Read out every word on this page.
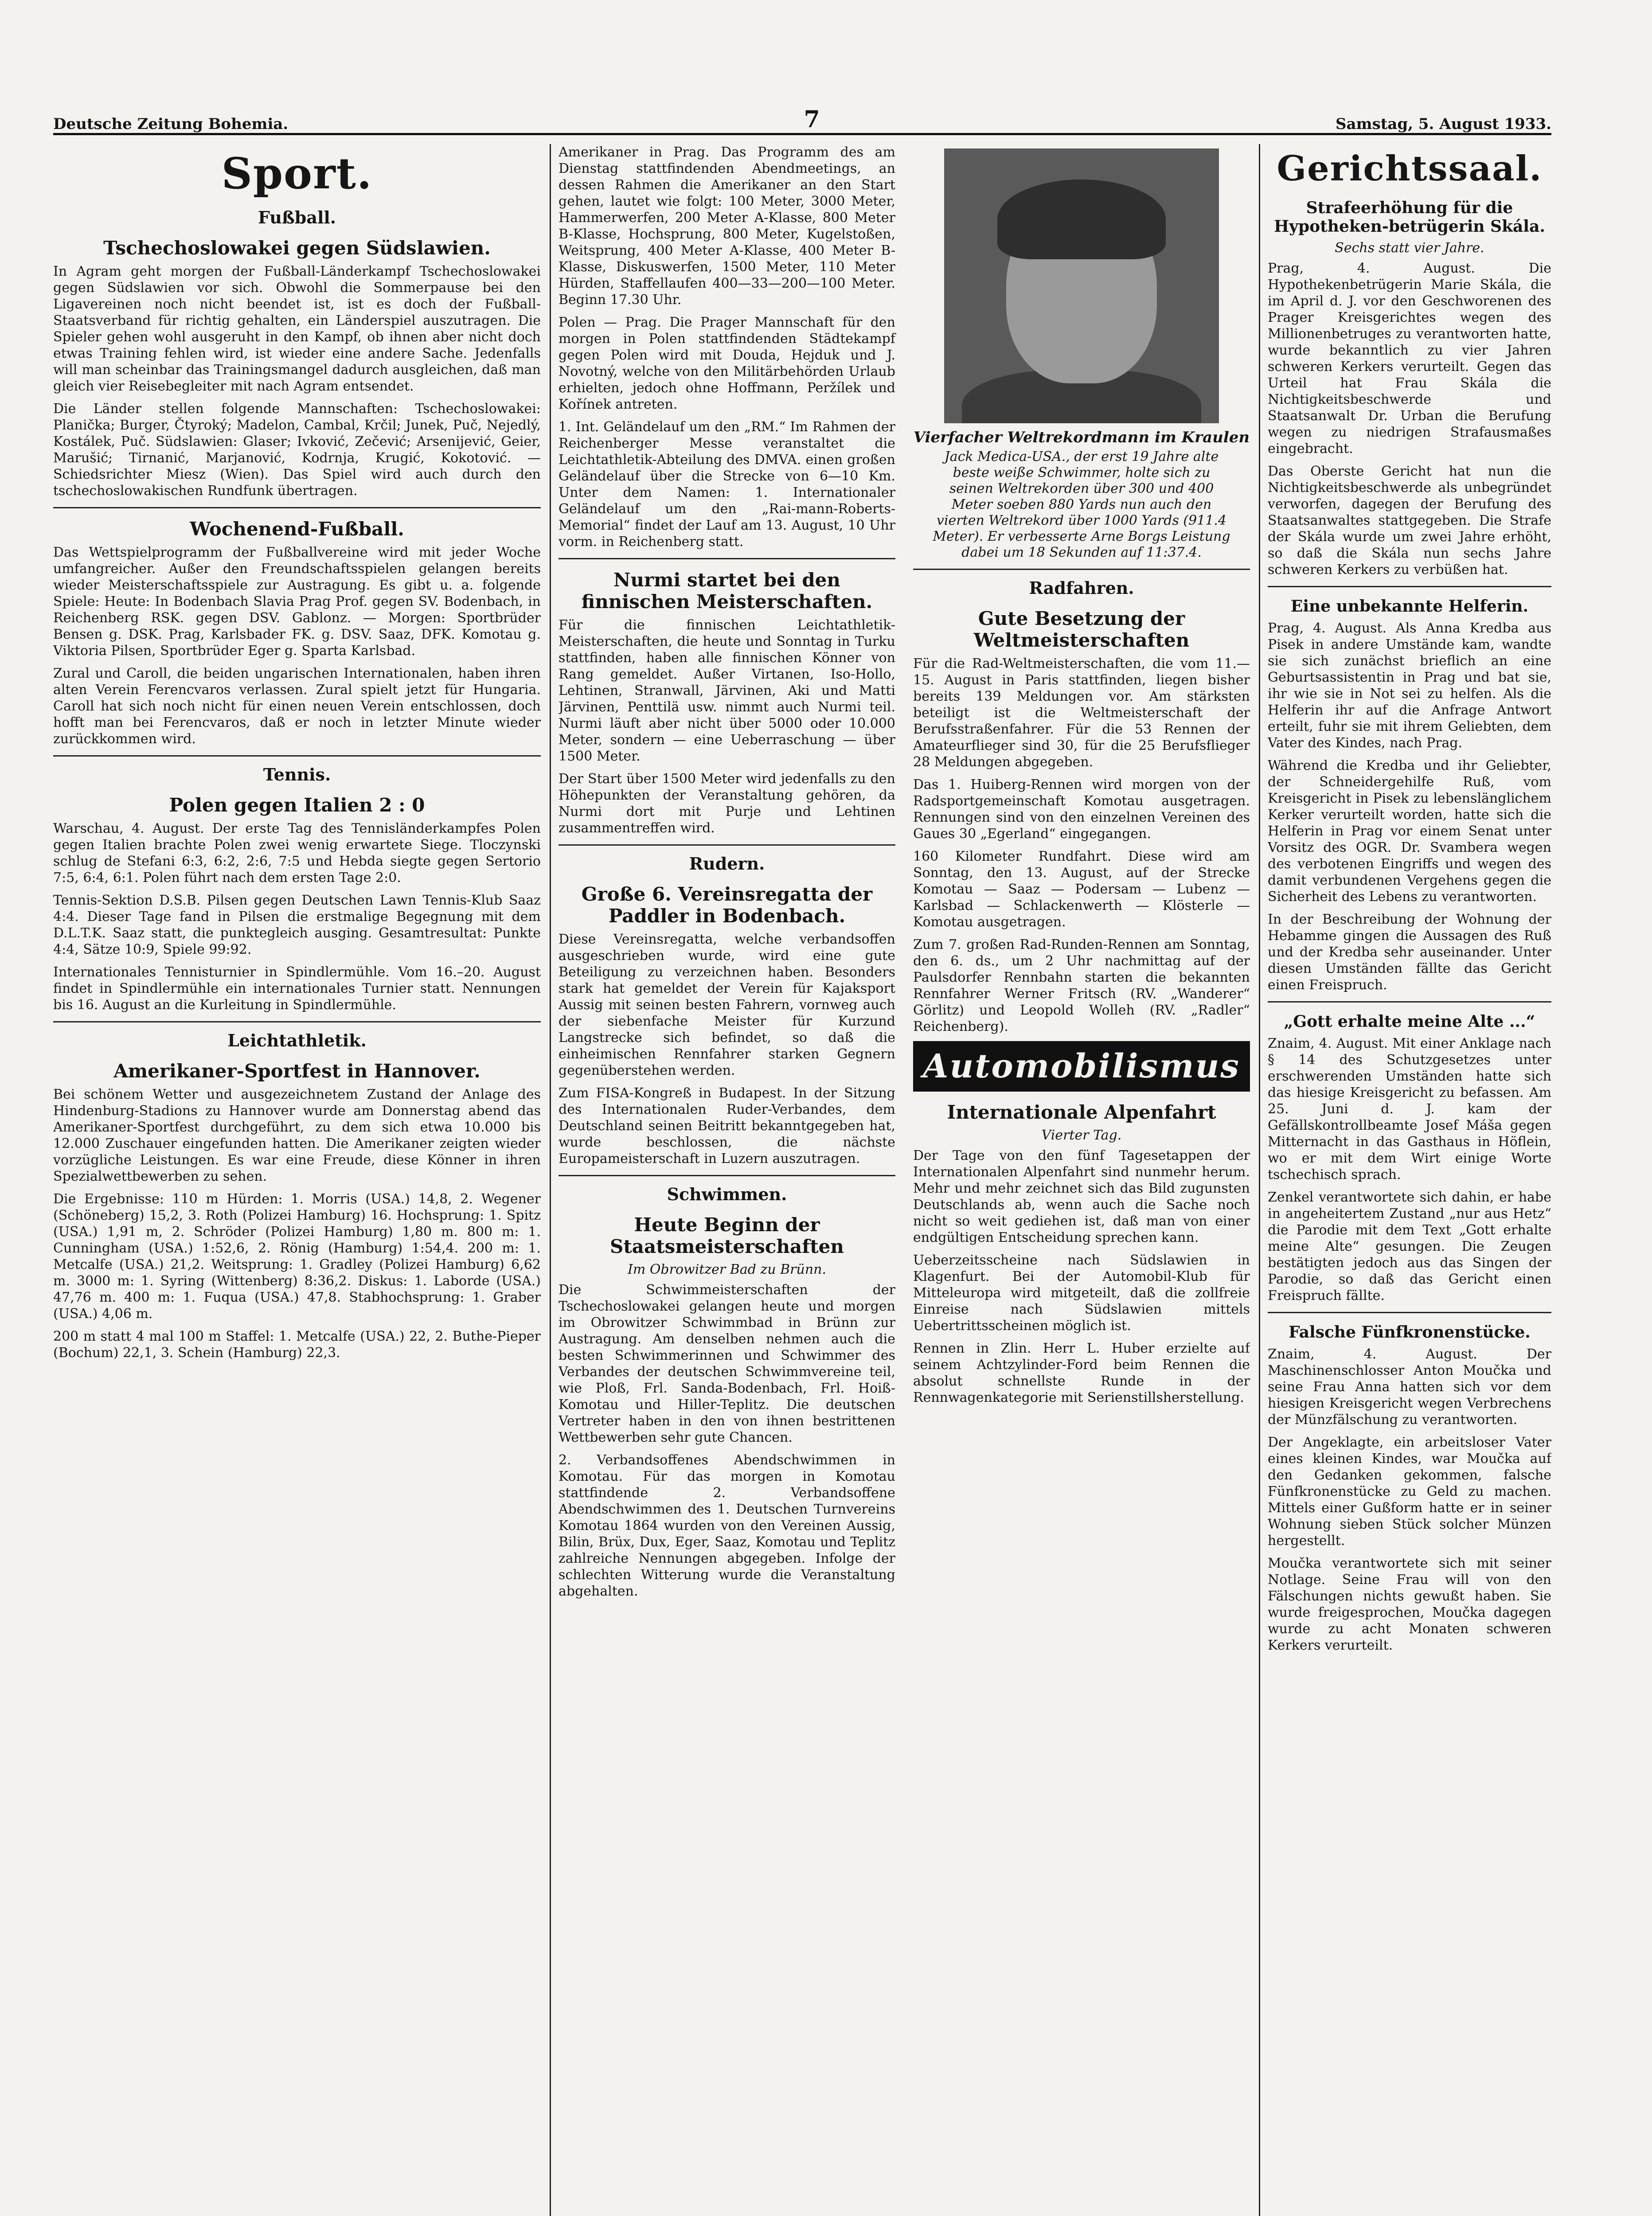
Deutsche Zeitung Bohemia.	7	Samstag, 5. August 1933.
Sport.
Fußball.
Tschechoslowakei gegen Südslawien.

In Agram geht morgen der Fußball-Länderkampf Tschechoslowakei gegen Südslawien vor sich. Obwohl die Sommerpause bei den Ligavereinen noch nicht beendet ist, ist es doch der Fußball-Staatsverband für richtig gehalten, ein Länderspiel auszutragen. Die Spieler gehen wohl ausgeruht in den Kampf, ob ihnen aber nicht doch etwas Training fehlen wird, ist wieder eine andere Sache. Jedenfalls will man scheinbar das Trainingsmangel dadurch ausgleichen, daß man gleich vier Reisebegleiter mit nach Agram entsendet.

Die Länder stellen folgende Mannschaften: Tschechoslowakei: Planička; Burger, Čtyroký; Madelon, Cambal, Krčil; Junek, Puč, Nejedlý, Kostálek, Puč. Südslawien: Glaser; Ivković, Zečević; Arsenijević, Geier, Marušić; Tirnanić, Marjanović, Kodrnja, Krugić, Kokotović. — Schiedsrichter Miesz (Wien). Das Spiel wird auch durch den tschechoslowakischen Rundfunk übertragen.

Wochenend-Fußball.

Das Wettspielprogramm der Fußballvereine wird mit jeder Woche umfangreicher. Außer den Freundschaftsspielen gelangen bereits wieder Meisterschaftsspiele zur Austragung. Es gibt u. a. folgende Spiele: Heute: In Bodenbach Slavia Prag Prof. gegen SV. Bodenbach, in Reichenberg RSK. gegen DSV. Gablonz. — Morgen: Sportbrüder Bensen g. DSK. Prag, Karlsbader FK. g. DSV. Saaz, DFK. Komotau g. Viktoria Pilsen, Sportbrüder Eger g. Sparta Karlsbad.

Zural und Caroll, die beiden ungarischen Internationalen, haben ihren alten Verein Ferencvaros verlassen. Zural spielt jetzt für Hungaria. Caroll hat sich noch nicht für einen neuen Verein entschlossen, doch hofft man bei Ferencvaros, daß er noch in letzter Minute wieder zurückkommen wird.

Tennis.
Polen gegen Italien 2 : 0

Warschau, 4. August. Der erste Tag des Tennisländerkampfes Polen gegen Italien brachte Polen zwei wenig erwartete Siege. Tloczynski schlug de Stefani 6:3, 6:2, 2:6, 7:5 und Hebda siegte gegen Sertorio 7:5, 6:4, 6:1. Polen führt nach dem ersten Tage 2:0.

Tennis-Sektion D.S.B. Pilsen gegen Deutschen Lawn Tennis-Klub Saaz 4:4. Dieser Tage fand in Pilsen die erstmalige Begegnung mit dem D.L.T.K. Saaz statt, die punktegleich ausging. Gesamtresultat: Punkte 4:4, Sätze 10:9, Spiele 99:92.

Internationales Tennisturnier in Spindlermühle. Vom 16.–20. August findet in Spindlermühle ein internationales Turnier statt. Nennungen bis 16. August an die Kurleitung in Spindlermühle.

Leichtathletik.
Amerikaner-Sportfest in Hannover.

Bei schönem Wetter und ausgezeichnetem Zustand der Anlage des Hindenburg-Stadions zu Hannover wurde am Donnerstag abend das Amerikaner-Sportfest durchgeführt, zu dem sich etwa 10.000 bis 12.000 Zuschauer eingefunden hatten. Die Amerikaner zeigten wieder vorzügliche Leistungen. Es war eine Freude, diese Könner in ihren Spezialwettbewerben zu sehen.

Die Ergebnisse: 110 m Hürden: 1. Morris (USA.) 14,8, 2. Wegener (Schöneberg) 15,2, 3. Roth (Polizei Hamburg) 16. Hochsprung: 1. Spitz (USA.) 1,91 m, 2. Schröder (Polizei Hamburg) 1,80 m. 800 m: 1. Cunningham (USA.) 1:52,6, 2. Rönig (Hamburg) 1:54,4. 200 m: 1. Metcalfe (USA.) 21,2. Weitsprung: 1. Gradley (Polizei Hamburg) 6,62 m. 3000 m: 1. Syring (Wittenberg) 8:36,2. Diskus: 1. Laborde (USA.) 47,76 m. 400 m: 1. Fuqua (USA.) 47,8. Stabhochsprung: 1. Graber (USA.) 4,06 m.

200 m statt 4 mal 100 m Staffel: 1. Metcalfe (USA.) 22, 2. Buthe-Pieper (Bochum) 22,1, 3. Schein (Hamburg) 22,3.

Amerikaner in Prag. Das Programm des am Dienstag stattfindenden Abendmeetings, an dessen Rahmen die Amerikaner an den Start gehen, lautet wie folgt: 100 Meter, 3000 Meter, Hammerwerfen, 200 Meter A-Klasse, 800 Meter B-Klasse, Hochsprung, 800 Meter, Kugelstoßen, Weitsprung, 400 Meter A-Klasse, 400 Meter B-Klasse, Diskuswerfen, 1500 Meter, 110 Meter Hürden, Staffellaufen 400—33—200—100 Meter. Beginn 17.30 Uhr.

Polen — Prag. Die Prager Mannschaft für den morgen in Polen stattfindenden Städtekampf gegen Polen wird mit Douda, Hejduk und J. Novotný, welche von den Militärbehörden Urlaub erhielten, jedoch ohne Hoffmann, Peržílek und Kořínek antreten.

1. Int. Geländelauf um den „RM.“ Im Rahmen der Reichenberger Messe veranstaltet die Leichtathletik-Abteilung des DMVA. einen großen Geländelauf über die Strecke von 6—10 Km. Unter dem Namen: 1. Internationaler Geländelauf um den „Rai-mann-Roberts-Memorial“ findet der Lauf am 13. August, 10 Uhr vorm. in Reichenberg statt.

Nurmi startet bei den finnischen Meisterschaften.

Für die finnischen Leichtathletik-Meisterschaften, die heute und Sonntag in Turku stattfinden, haben alle finnischen Könner von Rang gemeldet. Außer Virtanen, Iso-Hollo, Lehtinen, Stranwall, Järvinen, Aki und Matti Järvinen, Penttilä usw. nimmt auch Nurmi teil. Nurmi läuft aber nicht über 5000 oder 10.000 Meter, sondern — eine Ueberraschung — über 1500 Meter.

Der Start über 1500 Meter wird jedenfalls zu den Höhepunkten der Veranstaltung gehören, da Nurmi dort mit Purje und Lehtinen zusammentreffen wird.

Rudern.
Große 6. Vereinsregatta der Paddler in Bodenbach.

Diese Vereinsregatta, welche verbandsoffen ausgeschrieben wurde, wird eine gute Beteiligung zu verzeichnen haben. Besonders stark hat gemeldet der Verein für Kajaksport Aussig mit seinen besten Fahrern, vornweg auch der siebenfache Meister für Kurzund Langstrecke sich befindet, so daß die einheimischen Rennfahrer starken Gegnern gegenüberstehen werden.

Zum FISA-Kongreß in Budapest. In der Sitzung des Internationalen Ruder-Verbandes, dem Deutschland seinen Beitritt bekanntgegeben hat, wurde beschlossen, die nächste Europameisterschaft in Luzern auszutragen.

Schwimmen.
Heute Beginn der Staatsmeisterschaften
Im Obrowitzer Bad zu Brünn.

Die Schwimmeisterschaften der Tschechoslowakei gelangen heute und morgen im Obrowitzer Schwimmbad in Brünn zur Austragung. Am denselben nehmen auch die besten Schwimmerinnen und Schwimmer des Verbandes der deutschen Schwimmvereine teil, wie Ploß, Frl. Sanda-Bodenbach, Frl. Hoiß-Komotau und Hiller-Teplitz. Die deutschen Vertreter haben in den von ihnen bestrittenen Wettbewerben sehr gute Chancen.

2. Verbandsoffenes Abendschwimmen in Komotau. Für das morgen in Komotau stattfindende 2. Verbandsoffene Abendschwimmen des 1. Deutschen Turnvereins Komotau 1864 wurden von den Vereinen Aussig, Bilin, Brüx, Dux, Eger, Saaz, Komotau und Teplitz zahlreiche Nennungen abgegeben. Infolge der schlechten Witterung wurde die Veranstaltung abgehalten.

Vierfacher Weltrekordmann im Kraulen
Jack Medica-USA., der erst 19 Jahre alte beste weiße Schwimmer, holte sich zu seinen Weltrekorden über 300 und 400 Meter soeben 880 Yards nun auch den vierten Weltrekord über 1000 Yards (911.4 Meter). Er verbesserte Arne Borgs Leistung dabei um 18 Sekunden auf 11:37.4.
Radfahren.
Gute Besetzung der Weltmeisterschaften

Für die Rad-Weltmeisterschaften, die vom 11.—15. August in Paris stattfinden, liegen bisher bereits 139 Meldungen vor. Am stärksten beteiligt ist die Weltmeisterschaft der Berufsstraßenfahrer. Für die 53 Rennen der Amateurflieger sind 30, für die 25 Berufsflieger 28 Meldungen abgegeben.

Das 1. Huiberg-Rennen wird morgen von der Radsportgemeinschaft Komotau ausgetragen. Rennungen sind von den einzelnen Vereinen des Gaues 30 „Egerland“ eingegangen.

160 Kilometer Rundfahrt. Diese wird am Sonntag, den 13. August, auf der Strecke Komotau — Saaz — Podersam — Lubenz — Karlsbad — Schlackenwerth — Klösterle — Komotau ausgetragen.

Zum 7. großen Rad-Runden-Rennen am Sonntag, den 6. ds., um 2 Uhr nachmittag auf der Paulsdorfer Rennbahn starten die bekannten Rennfahrer Werner Fritsch (RV. „Wanderer“ Görlitz) und Leopold Wolleh (RV. „Radler“ Reichenberg).

Automobilismus
Internationale Alpenfahrt
Vierter Tag.

Der Tage von den fünf Tagesetappen der Internationalen Alpenfahrt sind nunmehr herum. Mehr und mehr zeichnet sich das Bild zugunsten Deutschlands ab, wenn auch die Sache noch nicht so weit gediehen ist, daß man von einer endgültigen Entscheidung sprechen kann.

Ueberzeitsscheine nach Südslawien in Klagenfurt. Bei der Automobil-Klub für Mitteleuropa wird mitgeteilt, daß die zollfreie Einreise nach Südslawien mittels Uebertrittsscheinen möglich ist.

Rennen in Zlin. Herr L. Huber erzielte auf seinem Achtzylinder-Ford beim Rennen die absolut schnellste Runde in der Rennwagenkategorie mit Serienstillsherstellung.

Gerichtssaal.
Strafeerhöhung für die Hypotheken-betrügerin Skála.
Sechs statt vier Jahre.

Prag, 4. August. Die Hypothekenbetrügerin Marie Skála, die im April d. J. vor den Geschworenen des Prager Kreisgerichtes wegen des Millionenbetruges zu verantworten hatte, wurde bekanntlich zu vier Jahren schweren Kerkers verurteilt. Gegen das Urteil hat Frau Skála die Nichtigkeitsbeschwerde und Staatsanwalt Dr. Urban die Berufung wegen zu niedrigen Strafausmaßes eingebracht.

Das Oberste Gericht hat nun die Nichtigkeitsbeschwerde als unbegründet verworfen, dagegen der Berufung des Staatsanwaltes stattgegeben. Die Strafe der Skála wurde um zwei Jahre erhöht, so daß die Skála nun sechs Jahre schweren Kerkers zu verbüßen hat.

Eine unbekannte Helferin.

Prag, 4. August. Als Anna Kredba aus Pisek in andere Umstände kam, wandte sie sich zunächst brieflich an eine Geburtsassistentin in Prag und bat sie, ihr wie sie in Not sei zu helfen. Als die Helferin ihr auf die Anfrage Antwort erteilt, fuhr sie mit ihrem Geliebten, dem Vater des Kindes, nach Prag.

Während die Kredba und ihr Geliebter, der Schneidergehilfe Ruß, vom Kreisgericht in Pisek zu lebenslänglichem Kerker verurteilt worden, hatte sich die Helferin in Prag vor einem Senat unter Vorsitz des OGR. Dr. Svambera wegen des verbotenen Eingriffs und wegen des damit verbundenen Vergehens gegen die Sicherheit des Lebens zu verantworten.

In der Beschreibung der Wohnung der Hebamme gingen die Aussagen des Ruß und der Kredba sehr auseinander. Unter diesen Umständen fällte das Gericht einen Freispruch.

„Gott erhalte meine Alte ...“

Znaim, 4. August. Mit einer Anklage nach § 14 des Schutzgesetzes unter erschwerenden Umständen hatte sich das hiesige Kreisgericht zu befassen. Am 25. Juni d. J. kam der Gefällskontrollbeamte Josef Máša gegen Mitternacht in das Gasthaus in Höflein, wo er mit dem Wirt einige Worte tschechisch sprach.

Zenkel verantwortete sich dahin, er habe in angeheitertem Zustand „nur aus Hetz“ die Parodie mit dem Text „Gott erhalte meine Alte“ gesungen. Die Zeugen bestätigten jedoch aus das Singen der Parodie, so daß das Gericht einen Freispruch fällte.

Falsche Fünfkronenstücke.

Znaim, 4. August. Der Maschinenschlosser Anton Moučka und seine Frau Anna hatten sich vor dem hiesigen Kreisgericht wegen Verbrechens der Münzfälschung zu verantworten.

Der Angeklagte, ein arbeitsloser Vater eines kleinen Kindes, war Moučka auf den Gedanken gekommen, falsche Fünfkronenstücke zu Geld zu machen. Mittels einer Gußform hatte er in seiner Wohnung sieben Stück solcher Münzen hergestellt.

Moučka verantwortete sich mit seiner Notlage. Seine Frau will von den Fälschungen nichts gewußt haben. Sie wurde freigesprochen, Moučka dagegen wurde zu acht Monaten schweren Kerkers verurteilt.
